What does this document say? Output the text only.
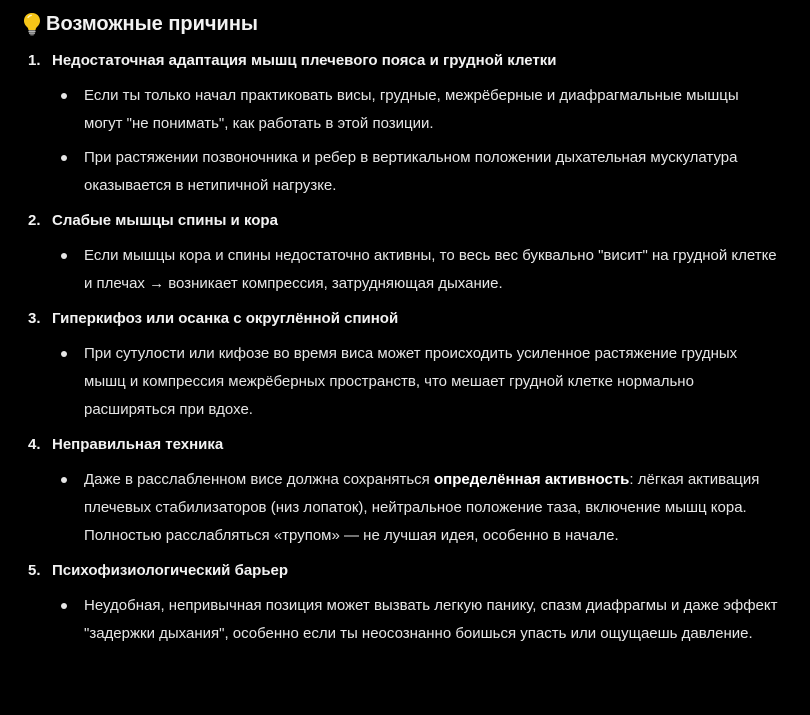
Возможные причины
1. Недостаточная адаптация мышц плечевого пояса и грудной клетки
Если ты только начал практиковать висы, грудные, межрёберные и диафрагмальные мышцы могут "не понимать", как работать в этой позиции.
При растяжении позвоночника и ребер в вертикальном положении дыхательная мускулатура оказывается в нетипичной нагрузке.
2. Слабые мышцы спины и кора
Если мышцы кора и спины недостаточно активны, то весь вес буквально "висит" на грудной клетке и плечах → возникает компрессия, затрудняющая дыхание.
3. Гиперкифоз или осанка с округлённой спиной
При сутулости или кифозе во время виса может происходить усиленное растяжение грудных мышц и компрессия межрёберных пространств, что мешает грудной клетке нормально расширяться при вдохе.
4. Неправильная техника
Даже в расслабленном висе должна сохраняться определённая активность: лёгкая активация плечевых стабилизаторов (низ лопаток), нейтральное положение таза, включение мышц кора. Полностью расслабляться «трупом» — не лучшая идея, особенно в начале.
5. Психофизиологический барьер
Неудобная, непривычная позиция может вызвать легкую панику, спазм диафрагмы и даже эффект "задержки дыхания", особенно если ты неосознанно боишься упасть или ощущаешь давление.
